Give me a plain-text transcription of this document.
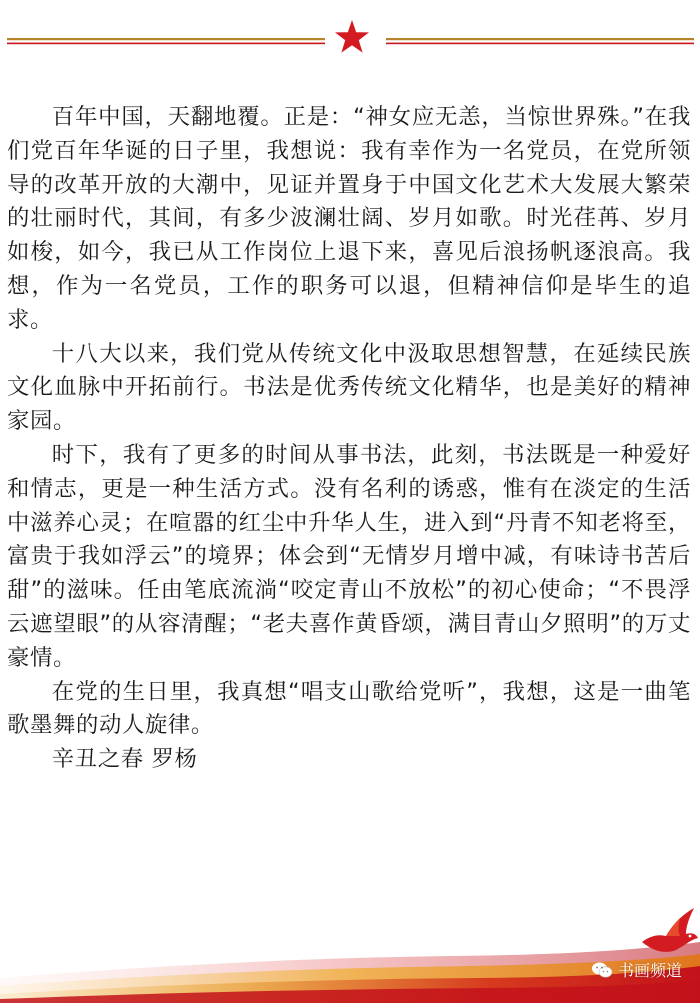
百年中国，天翻地覆。正是：“神女应无恙，当惊世界殊。”在我们党百年华诞的日子里，我想说：我有幸作为一名党员，在党所领导的改革开放的大潮中，见证并置身于中国文化艺术大发展大繁荣的壮丽时代，其间，有多少波澜壮阔、岁月如歌。时光荏苒、岁月如梭，如今，我已从工作岗位上退下来，喜见后浪扬帆逐浪高。我想，作为一名党员，工作的职务可以退，但精神信仰是毕生的追求。

十八大以来，我们党从传统文化中汲取思想智慧，在延续民族文化血脉中开拓前行。书法是优秀传统文化精华，也是美好的精神家园。

时下，我有了更多的时间从事书法，此刻，书法既是一种爱好和情志，更是一种生活方式。没有名利的诱惑，惟有在淡定的生活中滋养心灵；在喧嚣的红尘中升华人生，进入到“丹青不知老将至，富贵于我如浮云”的境界；体会到“无情岁月增中减，有味诗书苦后甜”的滋味。任由笔底流淌“咬定青山不放松”的初心使命；“不畏浮云遮望眼”的从容清醒；“老夫喜作黄昏颂，满目青山夕照明”的万丈豪情。

在党的生日里，我真想“唱支山歌给党听”，我想，这是一曲笔歌墨舞的动人旋律。

辛丑之春 罗杨

书画频道
